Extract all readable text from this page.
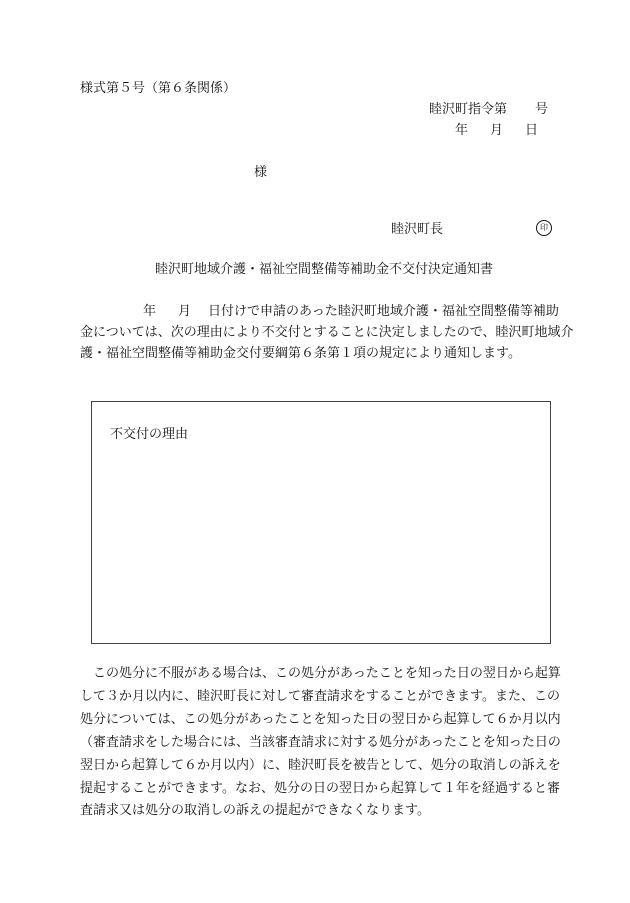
様式第５号（第６条関係）
睦沢町指令第 号
年 月 日
様
睦沢町長	印
睦沢町地域介護・福祉空間整備等補助金不交付決定通知書
年 月 日付けで申請のあった睦沢町地域介護・福祉空間整備等補助
金については、次の理由により不交付とすることに決定しましたので、睦沢町地域介
護・福祉空間整備等補助金交付要綱第６条第１項の規定により通知します。
不交付の理由
　この処分に不服がある場合は、この処分があったことを知った日の翌日から起算
して３か月以内に、睦沢町長に対して審査請求をすることができます。また、この
処分については、この処分があったことを知った日の翌日から起算して６か月以内
（審査請求をした場合には、当該審査請求に対する処分があったことを知った日の
翌日から起算して６か月以内）に、睦沢町長を被告として、処分の取消しの訴えを
提起することができます。なお、処分の日の翌日から起算して１年を経過すると審
査請求又は処分の取消しの訴えの提起ができなくなります。
